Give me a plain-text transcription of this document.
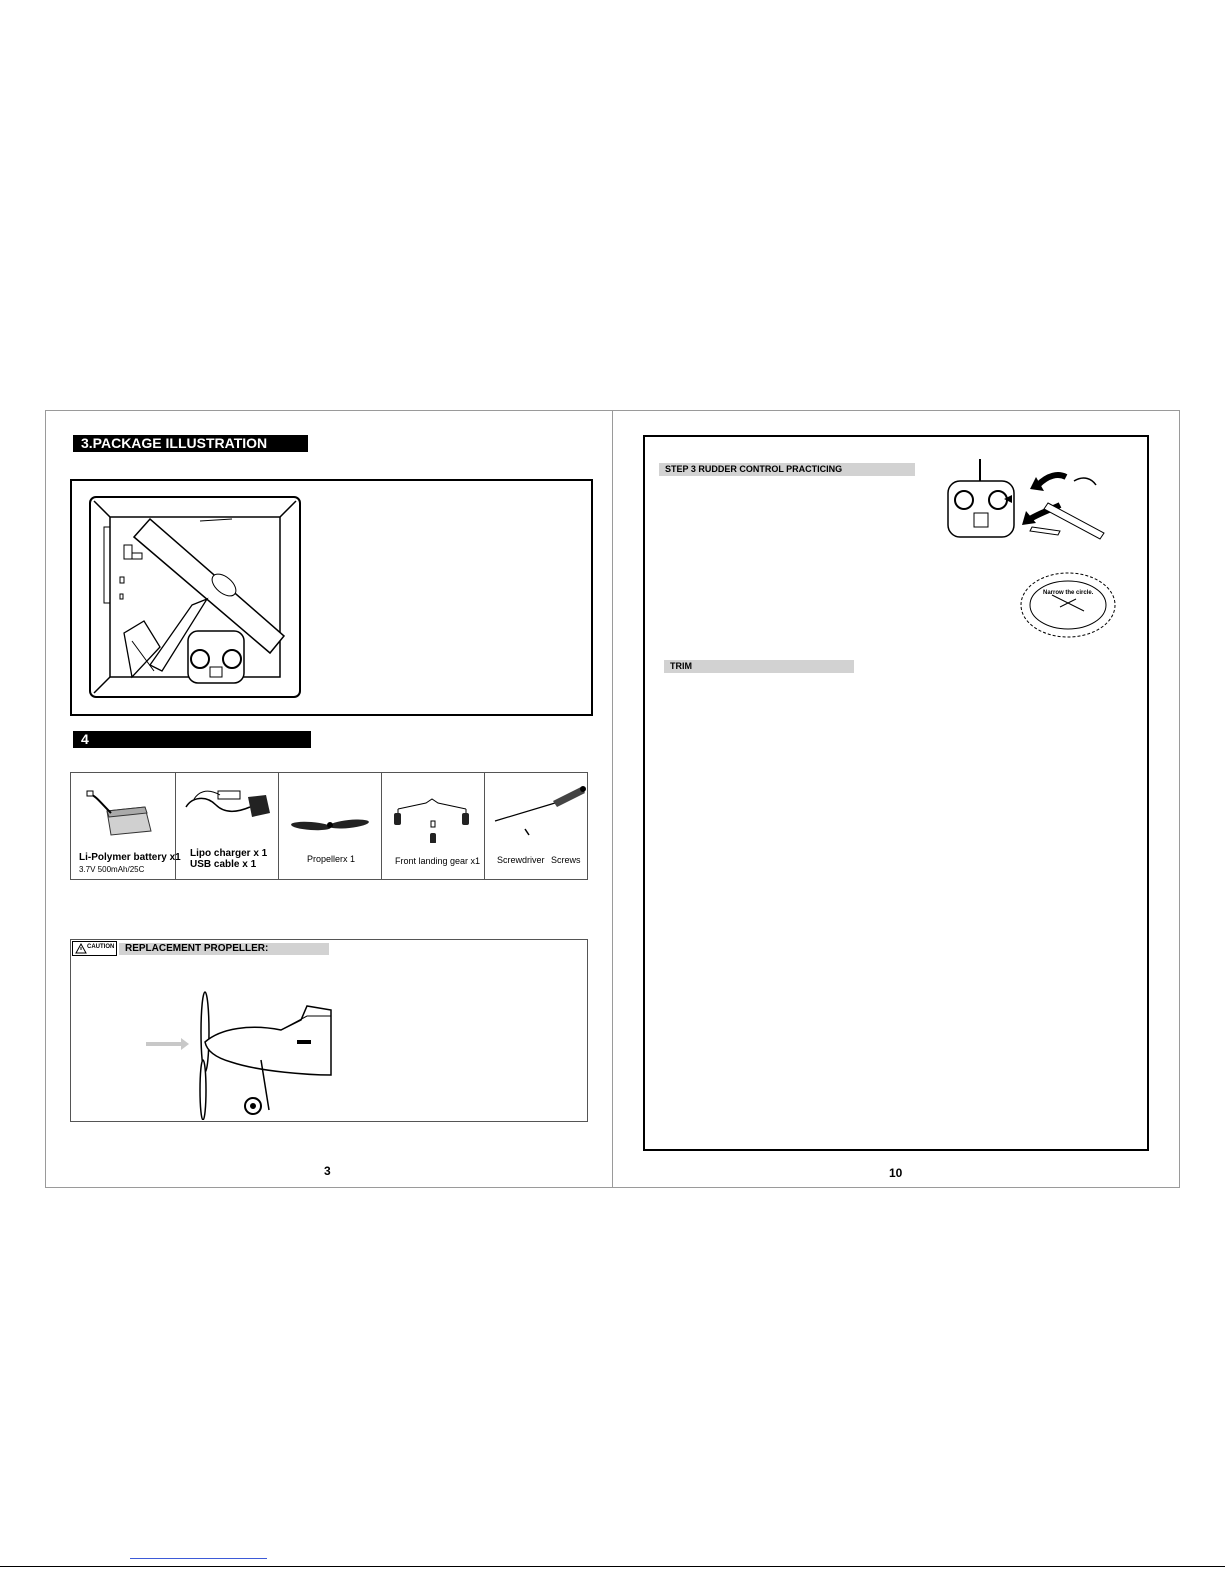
3.PACKAGE ILLUSTRATION
4
Li-Polymer battery x1
3.7V 500mAh/25C
Lipo charger x 1
USB cable x 1	Propellerx 1	Front landing gear x1 Screwdriver Screws
CAUTION	REPLACEMENT PROPELLER:
3
STEP 3 RUDDER CONTROL PRACTICING
Narrow the circle.
TRIM
10
